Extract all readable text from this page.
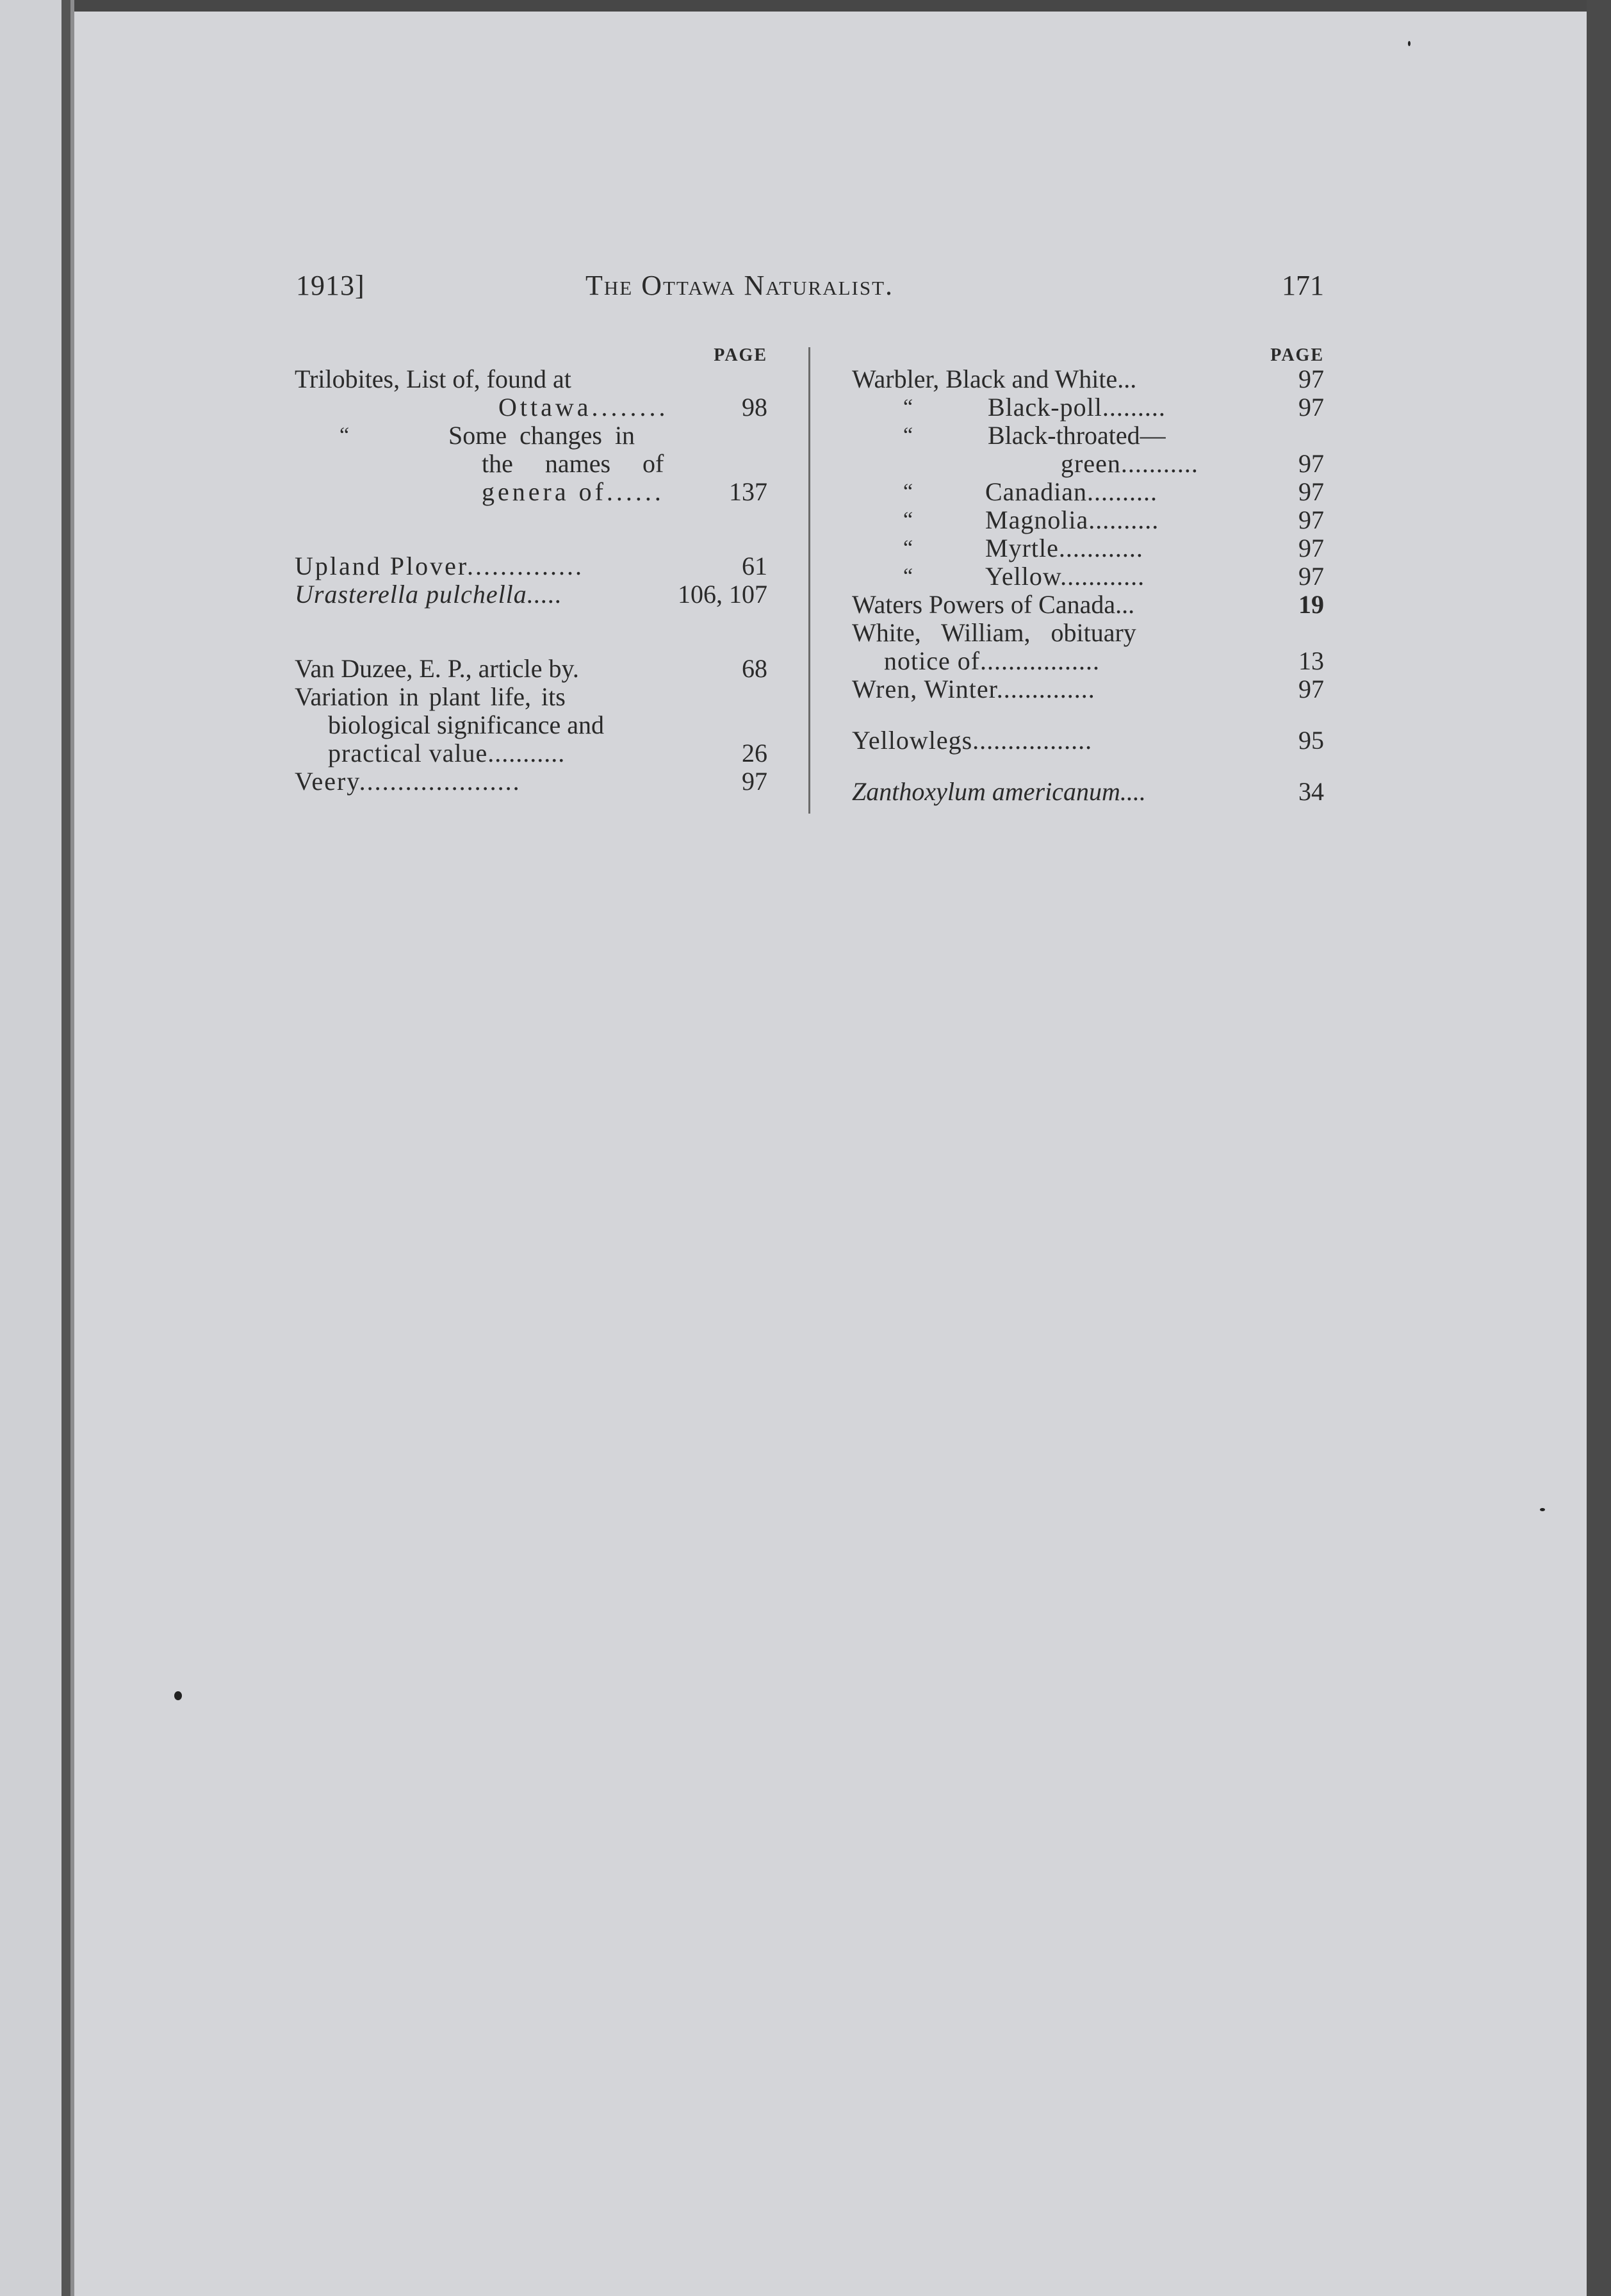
1913]	The Ottawa Naturalist.	171
PAGE
Trilobites, List of, found at
Ottawa........	98
“	Some changes in
the names of
genera of......	137
Upland Plover..............	61
Urasterella pulchella.....	106, 107
Van Duzee, E. P., article by.	68
Variation in plant life, its
biological significance and
practical value...........	26
Veery.....................	97
PAGE
Warbler, Black and White...	97
“	Black-poll.........	97
“	Black-throated—
green...........	97
“	Canadian..........	97
“	Magnolia..........	97
“	Myrtle............	97
“	Yellow............	97
Waters Powers of Canada...	19
White, William, obituary
notice of.................	13
Wren, Winter..............	97
Yellowlegs.................	95
Zanthoxylum americanum....	34
